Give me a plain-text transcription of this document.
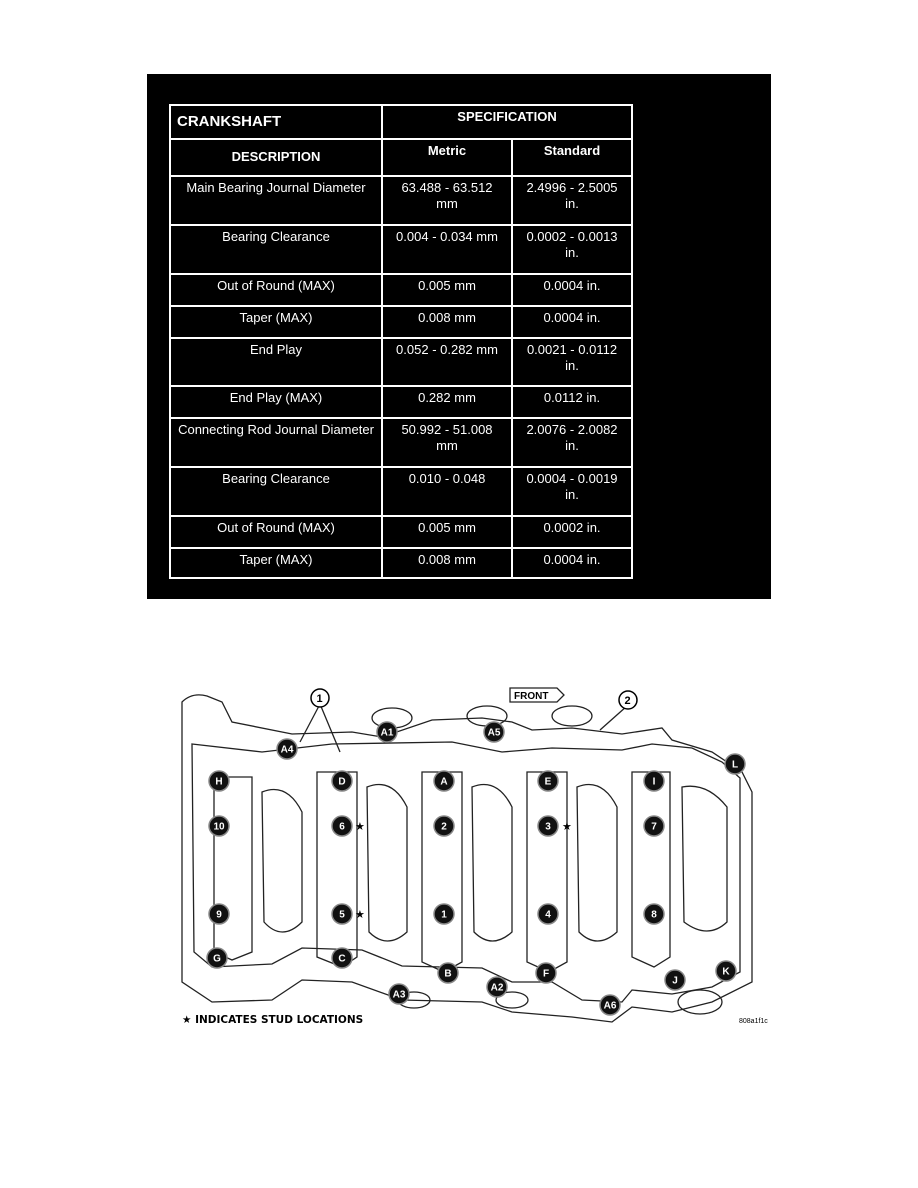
CRANKSHAFT	SPECIFICATION	
DESCRIPTION	Metric	Standard
Main Bearing Journal Diameter	63.488 - 63.512 mm	2.4996 - 2.5005 in.
Bearing Clearance	0.004 - 0.034 mm	0.0002 - 0.0013 in.
Out of Round (MAX)	0.005 mm	0.0004 in.
Taper (MAX)	0.008 mm	0.0004 in.
End Play	0.052 - 0.282 mm	0.0021 - 0.0112 in.
End Play (MAX)	0.282 mm	0.0112 in.
Connecting Rod Journal Diameter	50.992 - 51.008 mm	2.0076 - 2.0082 in.
Bearing Clearance	0.010 - 0.048	0.0004 - 0.0019 in.
Out of Round (MAX)	0.005 mm	0.0002 in.
Taper (MAX)	0.008 mm	0.0004 in.
FRONT
1	2
H	D	A	E	I
10	6	2	3	7
9	5	1	4	8
G	C
A1
A2
A3
A4
A5
A6
L
J
K
B	F
★	★
★
★ INDICATES STUD LOCATIONS	808a1f1c
